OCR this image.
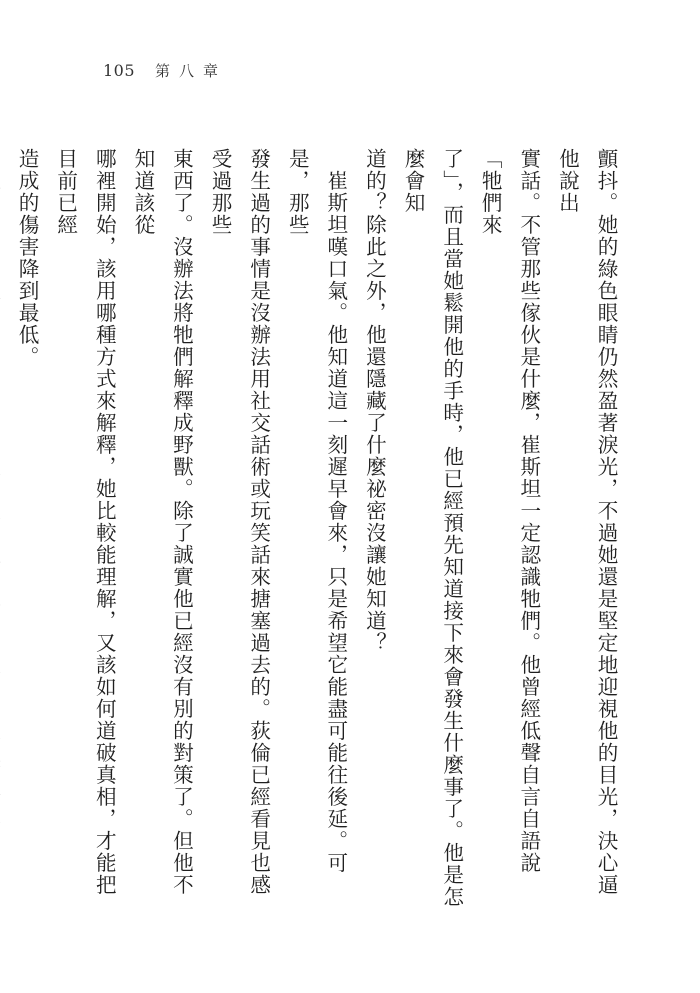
105 第八章
顫抖。她的綠色眼睛仍然盈著淚光，不過她還是堅定地迎視他的目光，決心逼他說出
實話。不管那些傢伙是什麼，崔斯坦一定認識牠們。他曾經低聲自言自語說「牠們來
了」，而且當她鬆開他的手時，他已經預先知道接下來會發生什麼事了。他是怎麼會知
道的？除此之外，他還隱藏了什麼祕密沒讓她知道？
　崔斯坦嘆口氣。他知道這一刻遲早會來，只是希望它能盡可能往後延。可是，那些
發生過的事情是沒辦法用社交話術或玩笑話來搪塞過去的。荻倫已經看見也感受過那些
東西了。沒辦法將牠們解釋成野獸。除了誠實他已經沒有別的對策了。但他不知道該從
哪裡開始，該用哪種方式來解釋，她比較能理解，又該如何道破真相，才能把目前已經
造成的傷害降到最低。
